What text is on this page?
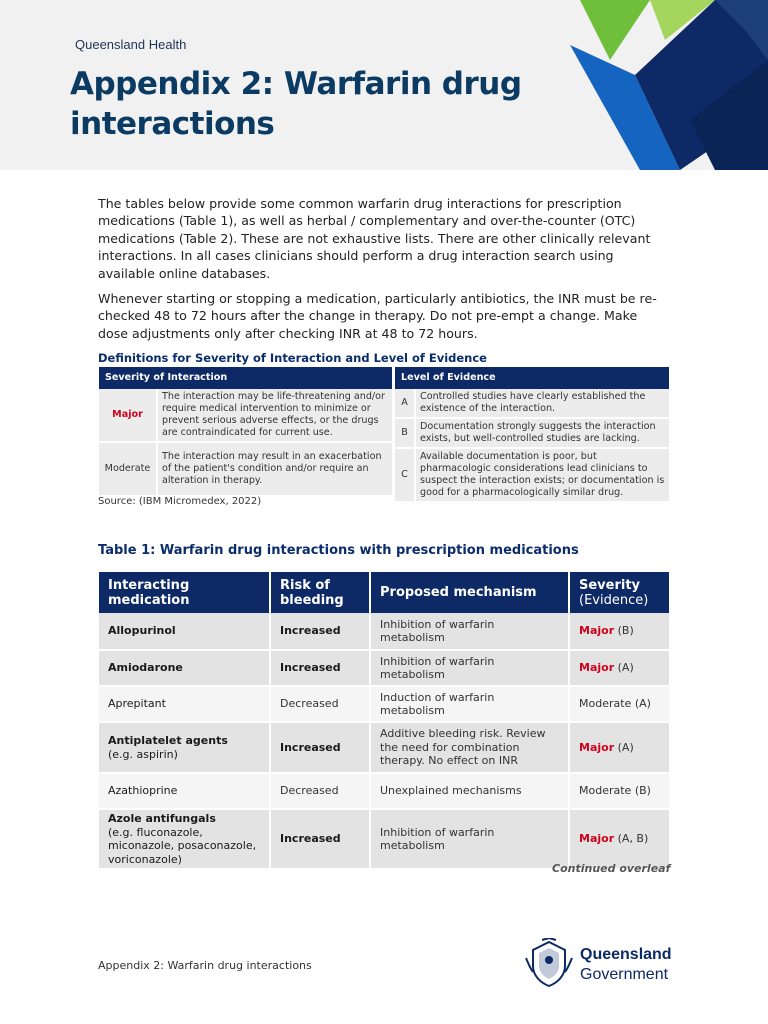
Queensland Health
Appendix 2: Warfarin drug interactions

The tables below provide some common warfarin drug interactions for prescription medications (Table 1), as well as herbal / complementary and over-the-counter (OTC) medications (Table 2). These are not exhaustive lists. There are other clinically relevant interactions. In all cases clinicians should perform a drug interaction search using available online databases.

Whenever starting or stopping a medication, particularly antibiotics, the INR must be re-checked 48 to 72 hours after the change in therapy. Do not pre-empt a change. Make dose adjustments only after checking INR at 48 to 72 hours.

Definitions for Severity of Interaction and Level of Evidence
Severity of Interaction	
Major	The interaction may be life-threatening and/or require medical intervention to minimize or prevent serious adverse effects, or the drugs are contraindicated for current use.
Moderate	The interaction may result in an exacerbation of the patient's condition and/or require an alteration in therapy.
Level of Evidence	
A	Controlled studies have clearly established the existence of the interaction.
B	Documentation strongly suggests the interaction exists, but well-controlled studies are lacking.
C	Available documentation is poor, but pharmacologic considerations lead clinicians to suspect the interaction exists; or documentation is good for a pharmacologically similar drug.
Source: (IBM Micromedex, 2022)
Table 1: Warfarin drug interactions with prescription medications
Interacting medication	Risk of bleeding	Proposed mechanism	Severity
(Evidence)
Allopurinol	Increased	Inhibition of warfarin metabolism	Major (B)
Amiodarone	Increased	Inhibition of warfarin metabolism	Major (A)
Aprepitant	Decreased	Induction of warfarin metabolism	Moderate (A)
Antiplatelet agents
(e.g. aspirin)	Increased	Additive bleeding risk. Review the need for combination therapy. No effect on INR	Major (A)
Azathioprine	Decreased	Unexplained mechanisms	Moderate (B)
Azole antifungals
(e.g. fluconazole, miconazole, posaconazole, voriconazole)	Increased	Inhibition of warfarin metabolism	Major (A, B)
Continued overleaf
Appendix 2: Warfarin drug interactions
Queensland
Government
